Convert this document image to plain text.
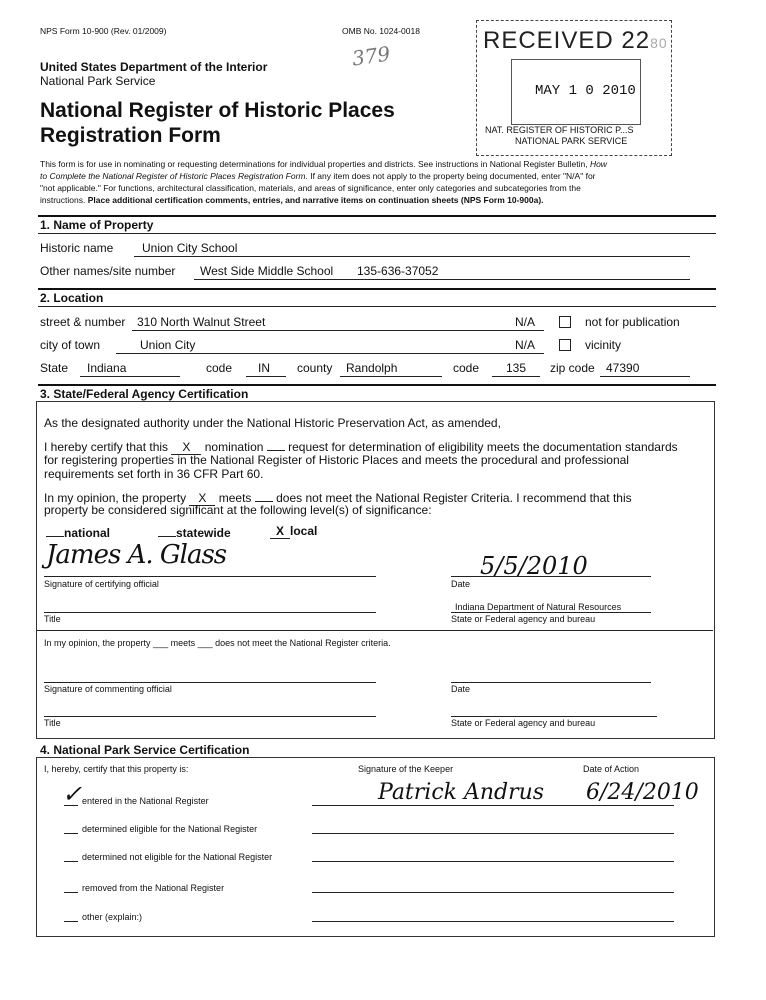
NPS Form 10-900 (Rev. 01/2009)	OMB No. 1024-0018
379
United States Department of the Interior
National Park Service
National Register of Historic Places
Registration Form
RECEIVED 2280
MAY 1 0 2010
NAT. REGISTER OF HISTORIC P...S
NATIONAL PARK SERVICE
This form is for use in nominating or requesting determinations for individual properties and districts. See instructions in National Register Bulletin, How
to Complete the National Register of Historic Places Registration Form. If any item does not apply to the property being documented, enter "N/A" for
"not applicable." For functions, architectural classification, materials, and areas of significance, enter only categories and subcategories from the
instructions. Place additional certification comments, entries, and narrative items on continuation sheets (NPS Form 10-900a).
1. Name of Property
Historic name Union City School
Other names/site number West Side Middle School 135-636-37052
2. Location
street & number 310 North Walnut Street	N/A	not for publication
city of town	Union City	N/A	vicinity
State Indiana	code IN county Randolph	code 135 zip code 47390
3. State/Federal Agency Certification
As the designated authority under the National Historic Preservation Act, as amended,
I hereby certify that this X nomination  request for determination of eligibility meets the documentation standards
for registering properties in the National Register of Historic Places and meets the procedural and professional
requirements set forth in 36 CFR Part 60.
In my opinion, the property X meets  does not meet the National Register Criteria. I recommend that this
property be considered significant at the following level(s) of significance:
national	statewide	X local
James A. Glass
Signature of certifying official
5/5/2010
Date
Indiana Department of Natural Resources
Title	State or Federal agency and bureau
In my opinion, the property ___ meets ___ does not meet the National Register criteria.
Signature of commenting official	Date
Title	State or Federal agency and bureau
4. National Park Service Certification
I, hereby, certify that this property is:	Signature of the Keeper	Date of Action
✓ entered in the National Register
determined eligible for the National Register
determined not eligible for the National Register
removed from the National Register
other (explain:)
Patrick Andrus 6/24/2010
